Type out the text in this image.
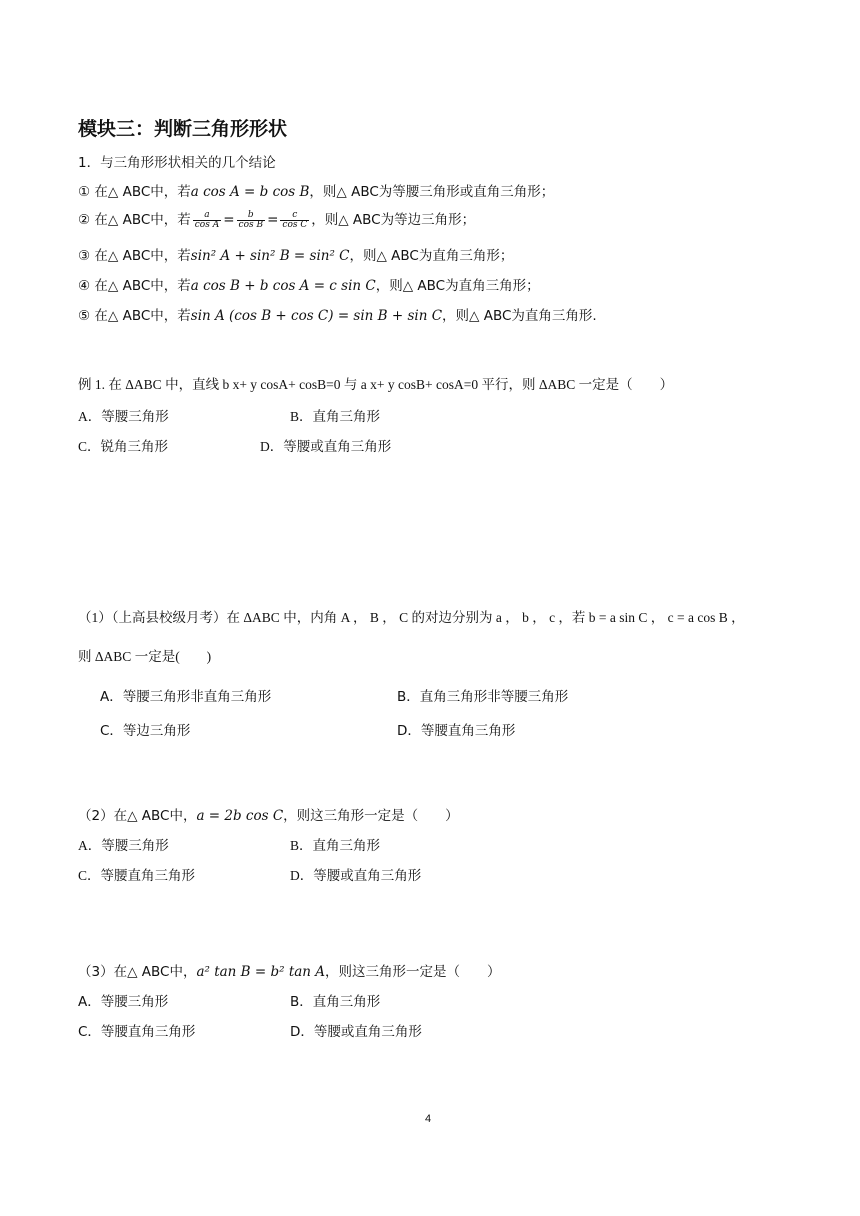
模块三：判断三角形形状
1．与三角形形状相关的几个结论
① 在△ ABC中，若a cos A = b cos B，则△ ABC为等腰三角形或直角三角形；
② 在△ ABC中，若 $\frac{a}{\text{cos A}} = \frac{b}{\text{cos B}} = \frac{c}{\text{cos C}}$ ，则△ ABC为等边三角形；
③ 在△ ABC中，若sin² A + sin² B = sin² C，则△ ABC为直角三角形；
④ 在△ ABC中，若a cos B + b cos A = c sin C，则△ ABC为直角三角形；
⑤ 在△ ABC中，若sin A (cos B + cos C) = sin B + sin C，则△ ABC为直角三角形.
例 1. 在 ΔABC 中，直线 b x+ y cosA+ cosB=0 与 a x+ y cosB+ cosA=0 平行，则 ΔABC 一定是（　　）
A．等腰三角形	B．直角三角形
C．锐角三角形	D．等腰或直角三角形
（1）（上高县校级月考）在 ΔABC 中，内角 A ， B ， C 的对边分别为 a ， b ， c ，若 b = a sin C ， c = a cos B ，
则 ΔABC 一定是(　　)
A．等腰三角形非直角三角形	B．直角三角形非等腰三角形
C．等边三角形	D．等腰直角三角形
（2）在△ ABC中，a = 2b cos C，则这三角形一定是（　　）
A．等腰三角形	B．直角三角形
C．等腰直角三角形	D．等腰或直角三角形
（3）在△ ABC中，a² tan B = b² tan A，则这三角形一定是（　　）
A．等腰三角形	B．直角三角形
C．等腰直角三角形	D．等腰或直角三角形
4
